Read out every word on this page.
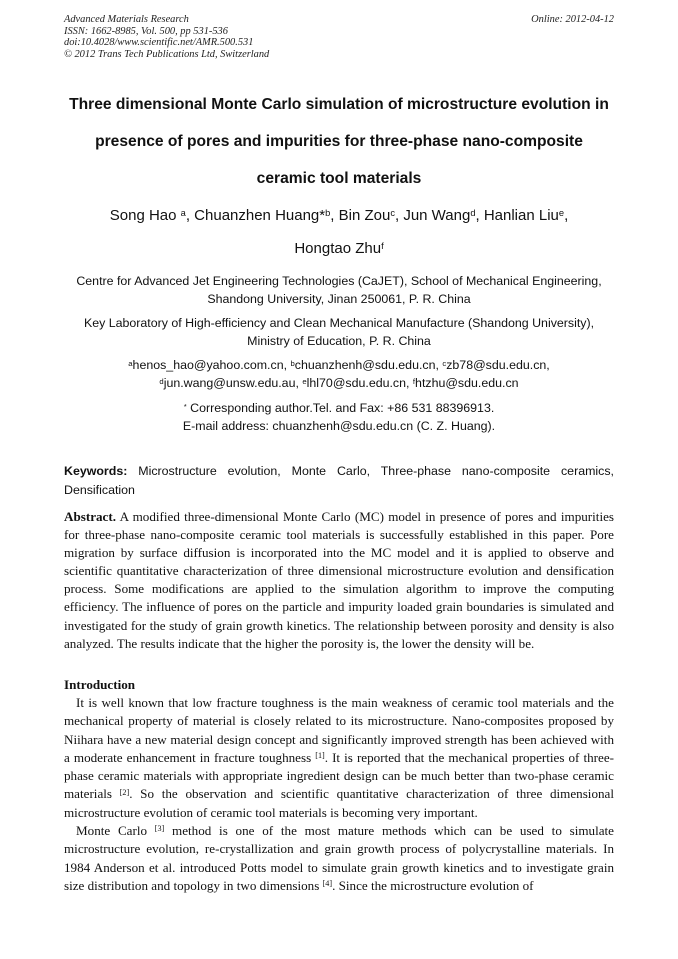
Advanced Materials Research
ISSN: 1662-8985, Vol. 500, pp 531-536
doi:10.4028/www.scientific.net/AMR.500.531
© 2012 Trans Tech Publications Ltd, Switzerland
Online: 2012-04-12
Three dimensional Monte Carlo simulation of microstructure evolution in
presence of pores and impurities for three-phase nano-composite
ceramic tool materials
Song Hao $^a$, Chuanzhen Huang*$^b$, Bin Zou$^c$, Jun Wang$^d$, Hanlian Liu$^e$,
Hongtao Zhu$^f$
Centre for Advanced Jet Engineering Technologies (CaJET), School of Mechanical Engineering,
Shandong University, Jinan 250061, P. R. China
Key Laboratory of High-efficiency and Clean Mechanical Manufacture (Shandong University),
Ministry of Education, P. R. China
$^a$henos_hao@yahoo.com.cn, $^b$chuanzhenh@sdu.edu.cn, $^c$zb78@sdu.edu.cn,
$^d$jun.wang@unsw.edu.au, $^e$lhl70@sdu.edu.cn, $^f$htzhu@sdu.edu.cn
* Corresponding author.Tel. and Fax: +86 531 88396913.
E-mail address: chuanzhenh@sdu.edu.cn (C. Z. Huang).
Keywords: Microstructure evolution, Monte Carlo, Three-phase nano-composite ceramics, Densification
Abstract. A modified three-dimensional Monte Carlo (MC) model in presence of pores and impurities for three-phase nano-composite ceramic tool materials is successfully established in this paper. Pore migration by surface diffusion is incorporated into the MC model and it is applied to observe and scientific quantitative characterization of three dimensional microstructure evolution and densification process. Some modifications are applied to the simulation algorithm to improve the computing efficiency. The influence of pores on the particle and impurity loaded grain boundaries is simulated and investigated for the study of grain growth kinetics. The relationship between porosity and density is also analyzed. The results indicate that the higher the porosity is, the lower the density will be.
Introduction

It is well known that low fracture toughness is the main weakness of ceramic tool materials and the mechanical property of material is closely related to its microstructure. Nano-composites proposed by Niihara have a new material design concept and significantly improved strength has been achieved with a moderate enhancement in fracture toughness [1]. It is reported that the mechanical properties of three-phase ceramic materials with appropriate ingredient design can be much better than two-phase ceramic materials [2]. So the observation and scientific quantitative characterization of three dimensional microstructure evolution of ceramic tool materials is becoming very important.

Monte Carlo [3] method is one of the most mature methods which can be used to simulate microstructure evolution, re-crystallization and grain growth process of polycrystalline materials. In 1984 Anderson et al. introduced Potts model to simulate grain growth kinetics and to investigate grain size distribution and topology in two dimensions [4]. Since the microstructure evolution of
